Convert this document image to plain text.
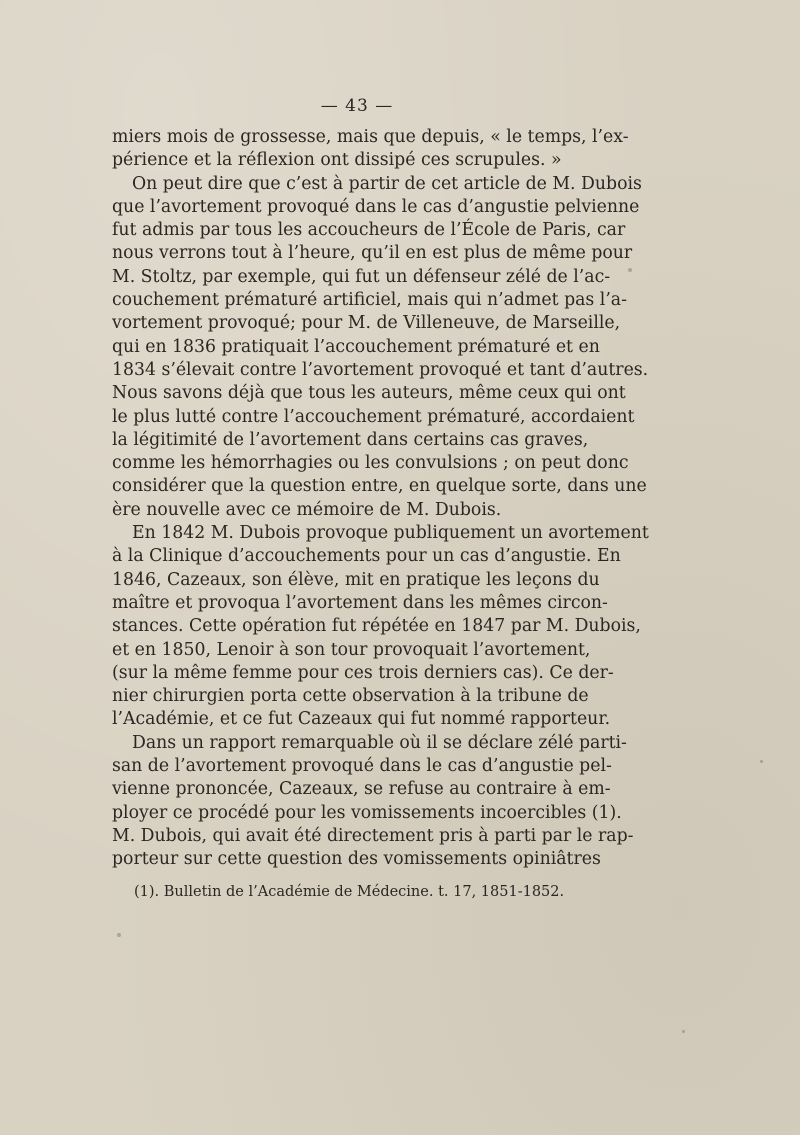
— 43 —
miers mois de grossesse, mais que depuis, « le temps, l’ex-
périence et la réflexion ont dissipé ces scrupules. »
On peut dire que c’est à partir de cet article de M. Dubois
que l’avortement provoqué dans le cas d’angustie pelvienne
fut admis par tous les accoucheurs de l’École de Paris, car
nous verrons tout à l’heure, qu’il en est plus de même pour
M. Stoltz, par exemple, qui fut un défenseur zélé de l’ac-
couchement prématuré artificiel, mais qui n’admet pas l’a-
vortement provoqué; pour M. de Villeneuve, de Marseille,
qui en 1836 pratiquait l’accouchement prématuré et en
1834 s’élevait contre l’avortement provoqué et tant d’autres.
Nous savons déjà que tous les auteurs, même ceux qui ont
le plus lutté contre l’accouchement prématuré, accordaient
la légitimité de l’avortement dans certains cas graves,
comme les hémorrhagies ou les convulsions ; on peut donc
considérer que la question entre, en quelque sorte, dans une
ère nouvelle avec ce mémoire de M. Dubois.
En 1842 M. Dubois provoque publiquement un avortement
à la Clinique d’accouchements pour un cas d’angustie. En
1846, Cazeaux, son élève, mit en pratique les leçons du
maître et provoqua l’avortement dans les mêmes circon-
stances. Cette opération fut répétée en 1847 par M. Dubois,
et en 1850, Lenoir à son tour provoquait l’avortement,
(sur la même femme pour ces trois derniers cas). Ce der-
nier chirurgien porta cette observation à la tribune de
l’Académie, et ce fut Cazeaux qui fut nommé rapporteur.
Dans un rapport remarquable où il se déclare zélé parti-
san de l’avortement provoqué dans le cas d’angustie pel-
vienne prononcée, Cazeaux, se refuse au contraire à em-
ployer ce procédé pour les vomissements incoercibles (1).
M. Dubois, qui avait été directement pris à parti par le rap-
porteur sur cette question des vomissements opiniâtres
(1). Bulletin de l’Académie de Médecine. t. 17, 1851-1852.
